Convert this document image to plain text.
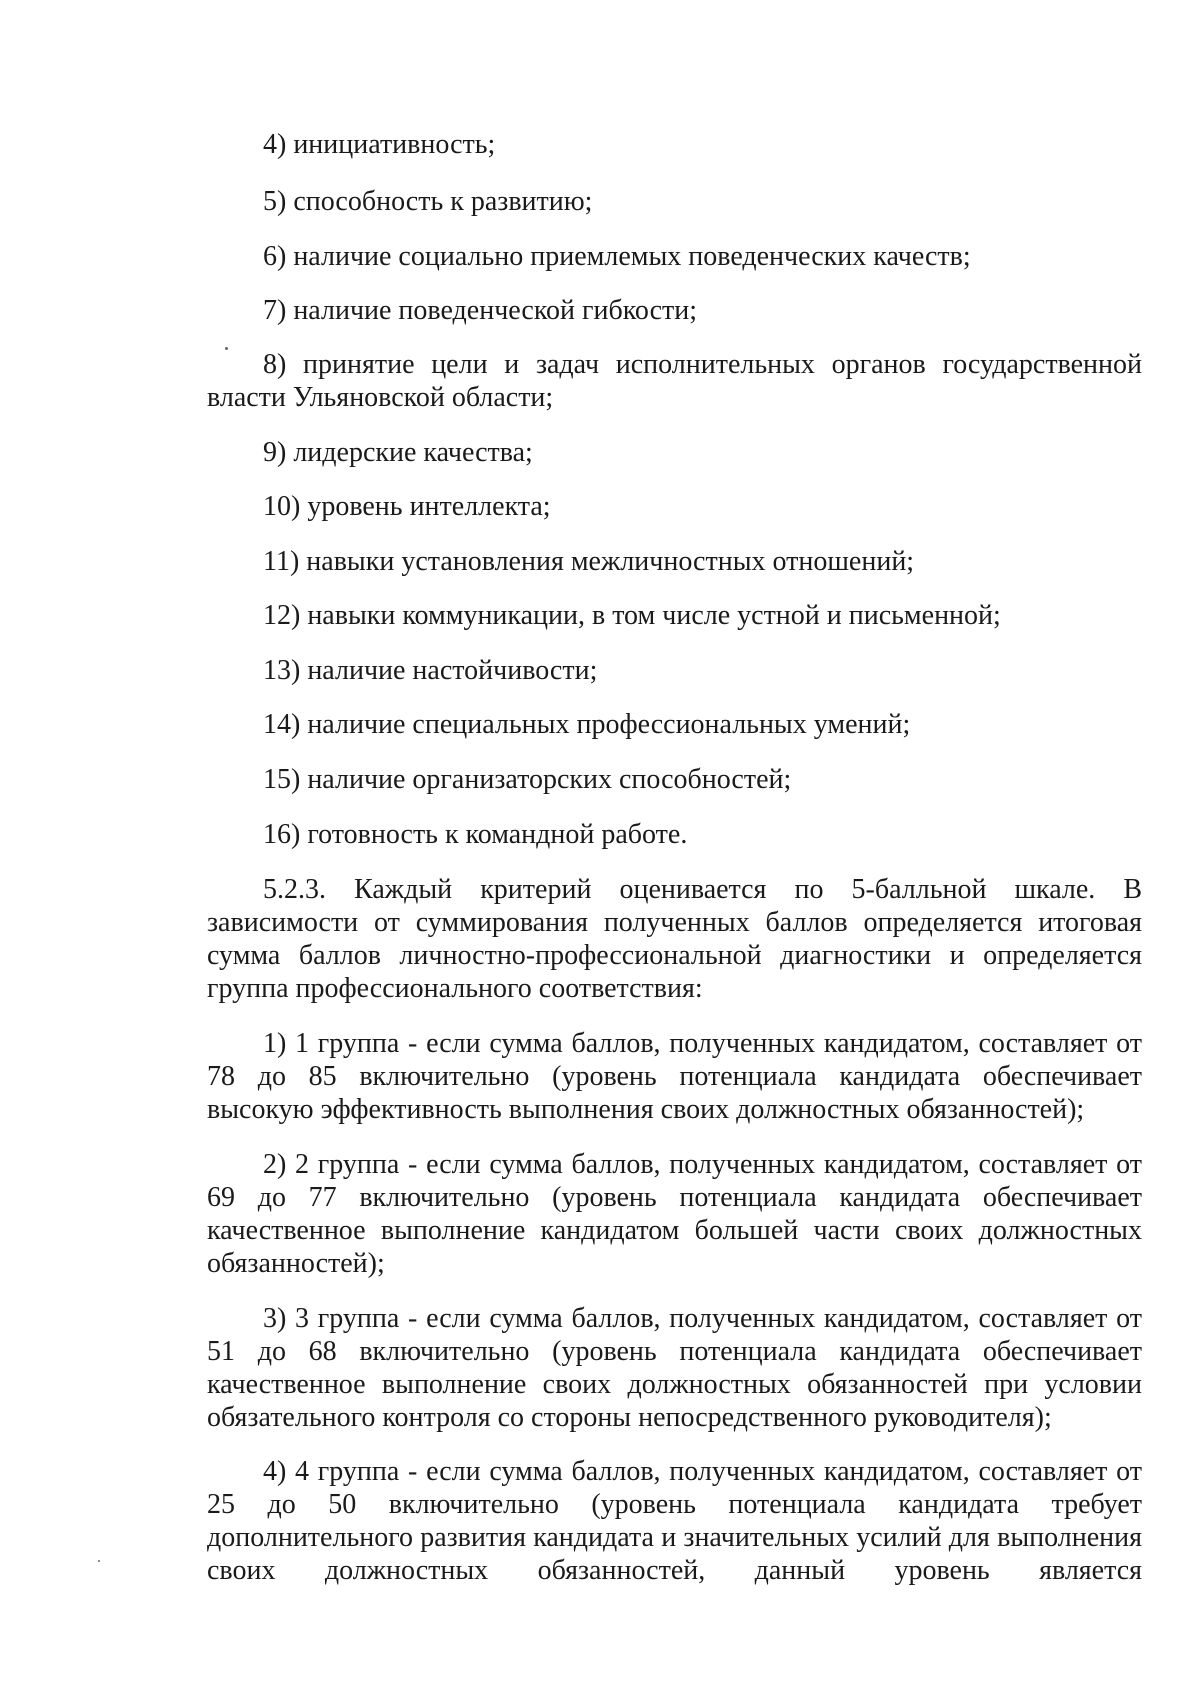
4) инициативность;
5) способность к развитию;
6) наличие социально приемлемых поведенческих качеств;
7) наличие поведенческой гибкости;
8) принятие цели и задач исполнительных органов государственной власти Ульяновской области;
9) лидерские качества;
10) уровень интеллекта;
11) навыки установления межличностных отношений;
12) навыки коммуникации, в том числе устной и письменной;
13) наличие настойчивости;
14) наличие специальных профессиональных умений;
15) наличие организаторских способностей;
16) готовность к командной работе.
5.2.3. Каждый критерий оценивается по 5-балльной шкале. В зависимости от суммирования полученных баллов определяется итоговая сумма баллов личностно-профессиональной диагностики и определяется группа профессионального соответствия:
1) 1 группа - если сумма баллов, полученных кандидатом, составляет от 78 до 85 включительно (уровень потенциала кандидата обеспечивает высокую эффективность выполнения своих должностных обязанностей);
2) 2 группа - если сумма баллов, полученных кандидатом, составляет от 69 до 77 включительно (уровень потенциала кандидата обеспечивает качественное выполнение кандидатом большей части своих должностных обязанностей);
3) 3 группа - если сумма баллов, полученных кандидатом, составляет от 51 до 68 включительно (уровень потенциала кандидата обеспечивает качественное выполнение своих должностных обязанностей при условии обязательного контроля со стороны непосредственного руководителя);
4) 4 группа - если сумма баллов, полученных кандидатом, составляет от 25 до 50 включительно (уровень потенциала кандидата требует дополнительного развития кандидата и значительных усилий для выполнения своих должностных обязанностей, данный уровень является
